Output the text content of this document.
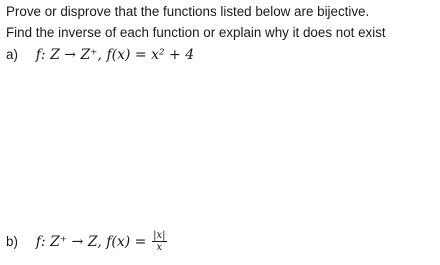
Prove or disprove that the functions listed below are bijective.
Find the inverse of each function or explain why it does not exist
a) f: Z → Z⁺, f(x) = x² + 4
b) f: Z⁺ → Z, $f(x) = \frac{|x|}{x}$
